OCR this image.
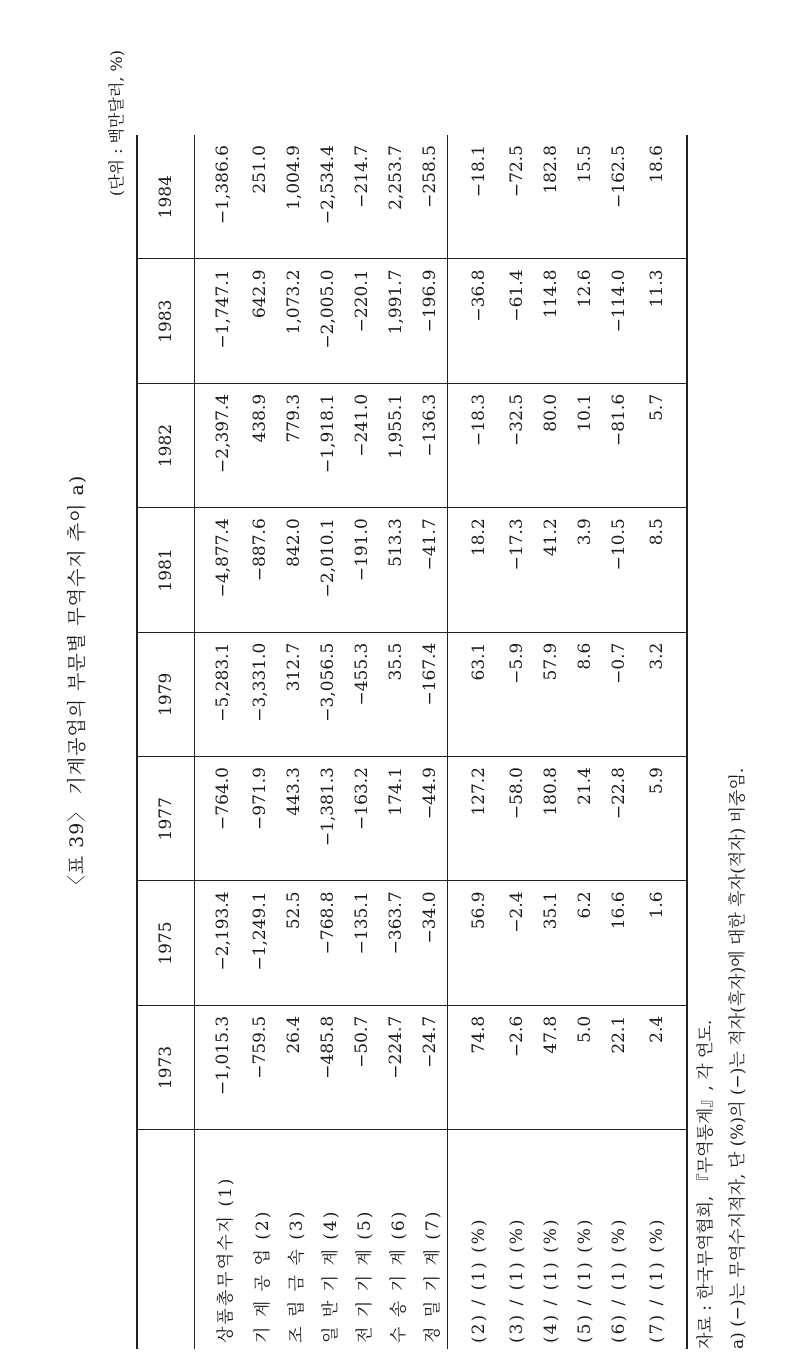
〈표 39〉 기계공업의 부문별 무역수지 추이 a)
(단위 : 백만달러, %)
	1973	1975	1977	1979	1981	1982	1983	1984
상품총무역수지 (1)	−1,015.3	−2,193.4	−764.0	−5,283.1	−4,877.4	−2,397.4	−1,747.1	−1,386.6
기 계 공 업 (2)	−759.5	−1,249.1	−971.9	−3,331.0	−887.6	438.9	642.9	251.0
조 립 금 속 (3)	26.4	52.5	443.3	312.7	842.0	779.3	1,073.2	1,004.9
일 반 기 계 (4)	−485.8	−768.8	−1,381.3	−3,056.5	−2,010.1	−1,918.1	−2,005.0	−2,534.4
전 기 기 계 (5)	−50.7	−135.1	−163.2	−455.3	−191.0	−241.0	−220.1	−214.7
수 송 기 계 (6)	−224.7	−363.7	174.1	35.5	513.3	1,955.1	1,991.7	2,253.7
정 밀 기 계 (7)	−24.7	−34.0	−44.9	−167.4	−41.7	−136.3	−196.9	−258.5
(2) / (1) (%)	74.8	56.9	127.2	63.1	18.2	−18.3	−36.8	−18.1
(3) / (1) (%)	−2.6	−2.4	−58.0	−5.9	−17.3	−32.5	−61.4	−72.5
(4) / (1) (%)	47.8	35.1	180.8	57.9	41.2	80.0	114.8	182.8
(5) / (1) (%)	5.0	6.2	21.4	8.6	3.9	10.1	12.6	15.5
(6) / (1) (%)	22.1	16.6	−22.8	−0.7	−10.5	−81.6	−114.0	−162.5
(7) / (1) (%)	2.4	1.6	5.9	3.2	8.5	5.7	11.3	18.6
자료 : 한국무역협회, 『무역통계』, 각 연도. a) (−)는 무역수지적자, 단 (%)의 (−)는 적자(흑자)에 대한 흑자(적자) 비중임.
